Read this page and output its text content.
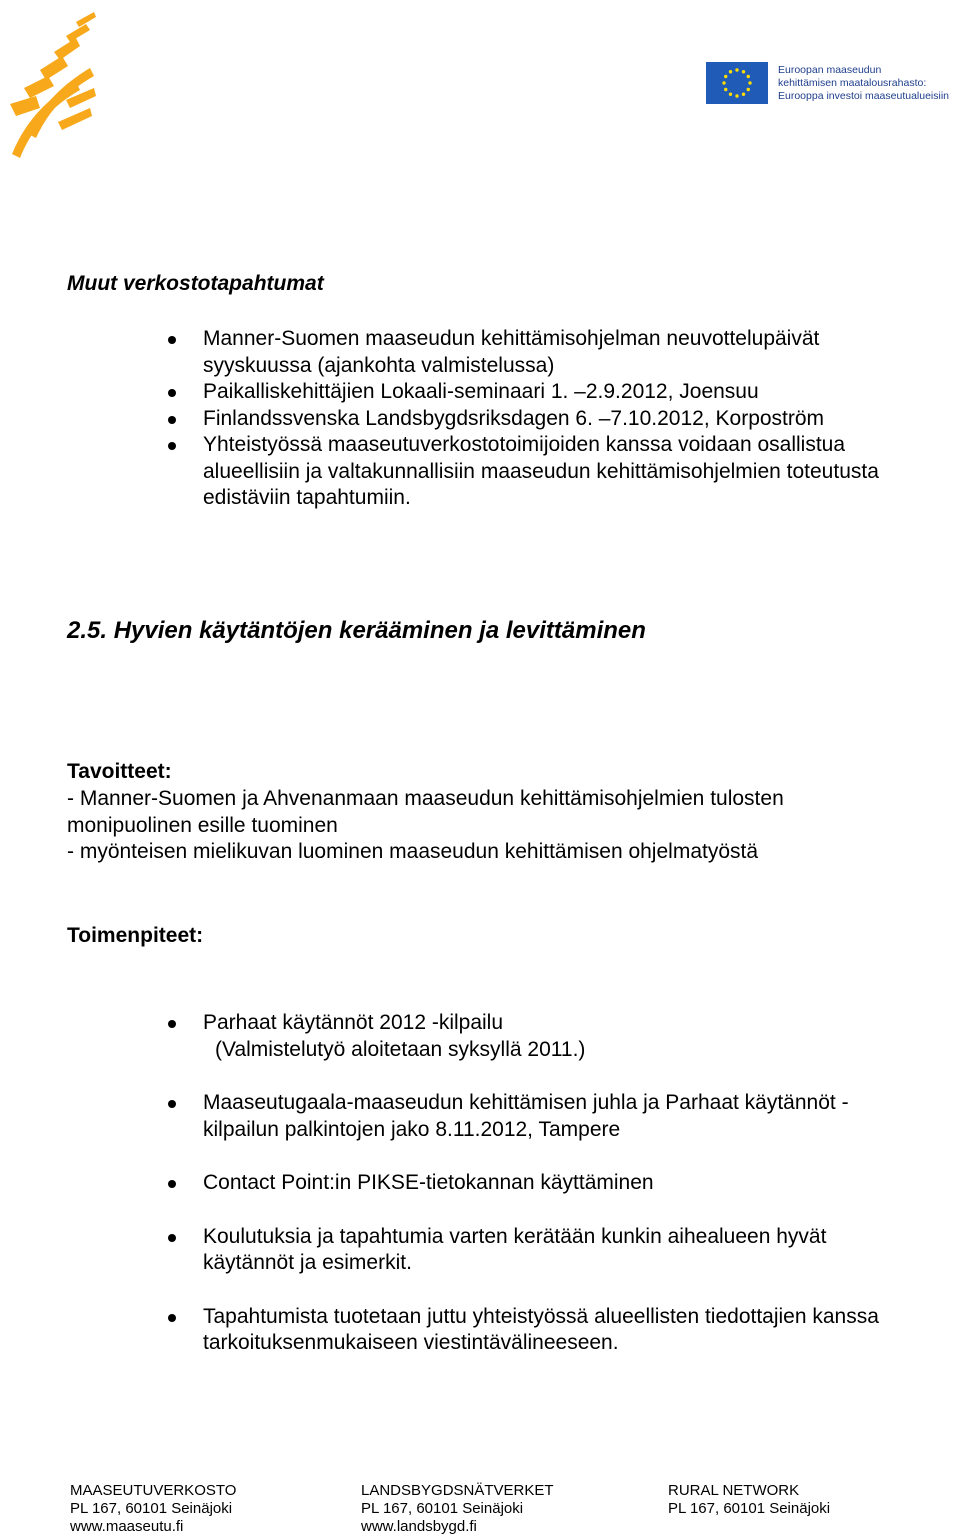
Euroopan maaseudun
kehittämisen maatalousrahasto:
Eurooppa investoi maaseutualueisiin
Muut verkostotapahtumat
Manner-Suomen maaseudun kehittämisohjelman neuvottelupäivät syyskuussa (ajankohta valmistelussa)
Paikalliskehittäjien Lokaali-seminaari 1. –2.9.2012, Joensuu
Finlandssvenska Landsbygdsriksdagen 6. –7.10.2012, Korpoström
Yhteistyössä maaseutuverkostotoimijoiden kanssa voidaan osallistua alueellisiin ja valtakunnallisiin maaseudun kehittämisohjelmien toteutusta edistäviin tapahtumiin.
2.5. Hyvien käytäntöjen kerääminen ja levittäminen
Tavoitteet:
- Manner-Suomen ja Ahvenanmaan maaseudun kehittämisohjelmien tulosten monipuolinen esille tuominen
- myönteisen mielikuvan luominen maaseudun kehittämisen ohjelmatyöstä
Toimenpiteet:
Parhaat käytännöt 2012 -kilpailu
(Valmistelutyö aloitetaan syksyllä 2011.)
Maaseutugaala-maaseudun kehittämisen juhla ja Parhaat käytännöt -kilpailun palkintojen jako 8.11.2012, Tampere
Contact Point:in PIKSE-tietokannan käyttäminen
Koulutuksia ja tapahtumia varten kerätään kunkin aihealueen hyvät käytännöt ja esimerkit.
Tapahtumista tuotetaan juttu yhteistyössä alueellisten tiedottajien kanssa tarkoituksenmukaiseen viestintävälineeseen.
MAASEUTUVERKOSTO
PL 167, 60101 Seinäjoki
www.maaseutu.fi
LANDSBYGDSNÄTVERKET
PL 167, 60101 Seinäjoki
www.landsbygd.fi
RURAL NETWORK
PL 167, 60101 Seinäjoki
